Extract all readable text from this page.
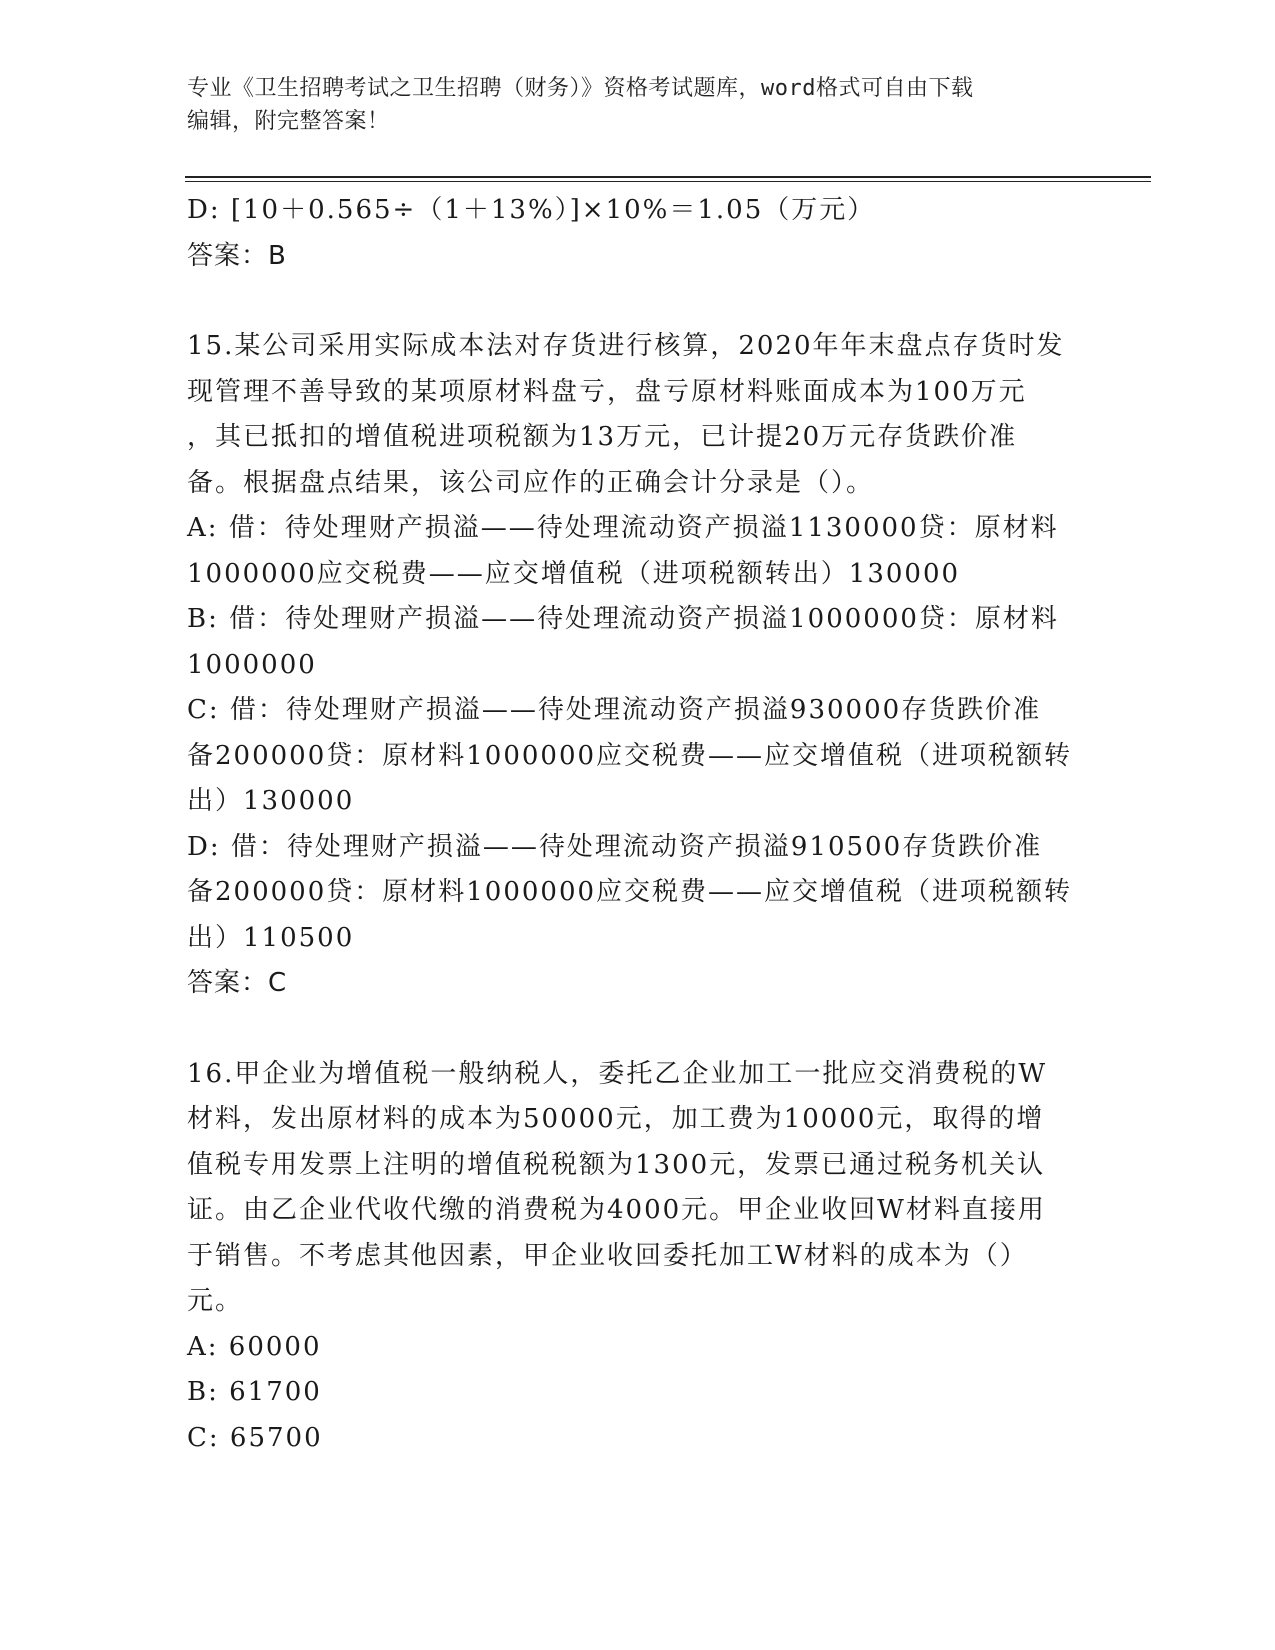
专业《卫生招聘考试之卫生招聘（财务）》资格考试题库，word格式可自由下载
编辑，附完整答案！
D: [10＋0.565÷（1＋13%）]×10%＝1.05（万元）
答案：B
15.某公司采用实际成本法对存货进行核算，2020年年末盘点存货时发
现管理不善导致的某项原材料盘亏，盘亏原材料账面成本为100万元
，其已抵扣的增值税进项税额为13万元，已计提20万元存货跌价准
备。根据盘点结果，该公司应作的正确会计分录是（）。
A: 借：待处理财产损溢——待处理流动资产损溢1130000贷：原材料
1000000应交税费——应交增值税（进项税额转出）130000
B: 借：待处理财产损溢——待处理流动资产损溢1000000贷：原材料
1000000
C: 借：待处理财产损溢——待处理流动资产损溢930000存货跌价准
备200000贷：原材料1000000应交税费——应交增值税（进项税额转
出）130000
D: 借：待处理财产损溢——待处理流动资产损溢910500存货跌价准
备200000贷：原材料1000000应交税费——应交增值税（进项税额转
出）110500
答案：C
16.甲企业为增值税一般纳税人，委托乙企业加工一批应交消费税的W
材料，发出原材料的成本为50000元，加工费为10000元，取得的增
值税专用发票上注明的增值税税额为1300元，发票已通过税务机关认
证。由乙企业代收代缴的消费税为4000元。甲企业收回W材料直接用
于销售。不考虑其他因素，甲企业收回委托加工W材料的成本为（）
元。
A: 60000
B: 61700
C: 65700
